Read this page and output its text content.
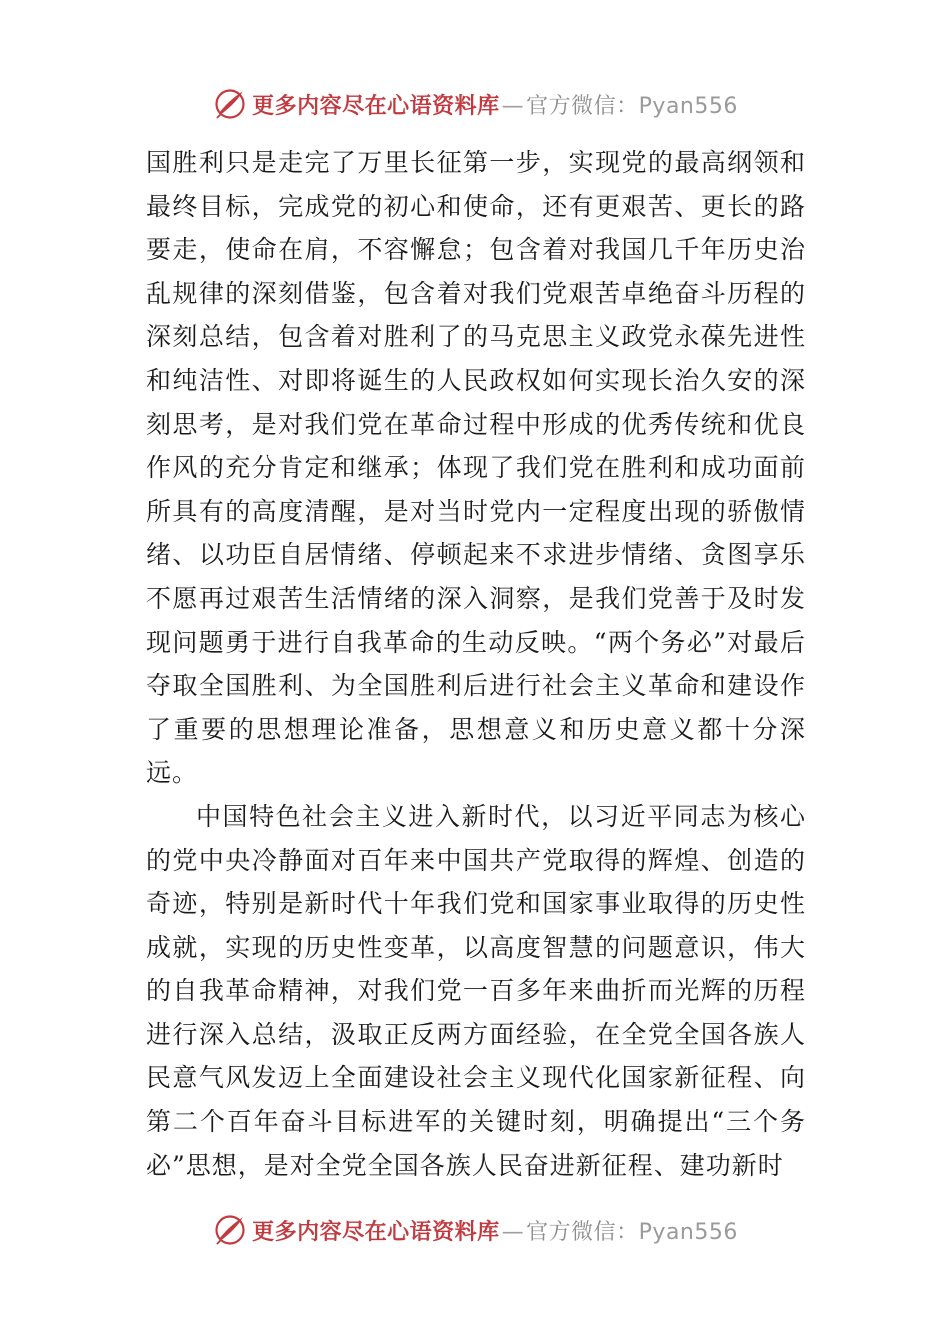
更多内容尽在心语资料库—官方微信：Pyan556

国胜利只是走完了万里长征第一步，实现党的最高纲领和最终目标，完成党的初心和使命，还有更艰苦、更长的路要走，使命在肩，不容懈怠；包含着对我国几千年历史治乱规律的深刻借鉴，包含着对我们党艰苦卓绝奋斗历程的深刻总结，包含着对胜利了的马克思主义政党永葆先进性和纯洁性、对即将诞生的人民政权如何实现长治久安的深刻思考，是对我们党在革命过程中形成的优秀传统和优良作风的充分肯定和继承；体现了我们党在胜利和成功面前所具有的高度清醒，是对当时党内一定程度出现的骄傲情绪、以功臣自居情绪、停顿起来不求进步情绪、贪图享乐不愿再过艰苦生活情绪的深入洞察，是我们党善于及时发现问题勇于进行自我革命的生动反映。“两个务必”对最后夺取全国胜利、为全国胜利后进行社会主义革命和建设作了重要的思想理论准备，思想意义和历史意义都十分深远。

中国特色社会主义进入新时代，以习近平同志为核心的党中央冷静面对百年来中国共产党取得的辉煌、创造的奇迹，特别是新时代十年我们党和国家事业取得的历史性成就，实现的历史性变革，以高度智慧的问题意识，伟大的自我革命精神，对我们党一百多年来曲折而光辉的历程进行深入总结，汲取正反两方面经验，在全党全国各族人民意气风发迈上全面建设社会主义现代化国家新征程、向第二个百年奋斗目标进军的关键时刻，明确提出“三个务必”思想，是对全党全国各族人民奋进新征程、建功新时

更多内容尽在心语资料库—官方微信：Pyan556
